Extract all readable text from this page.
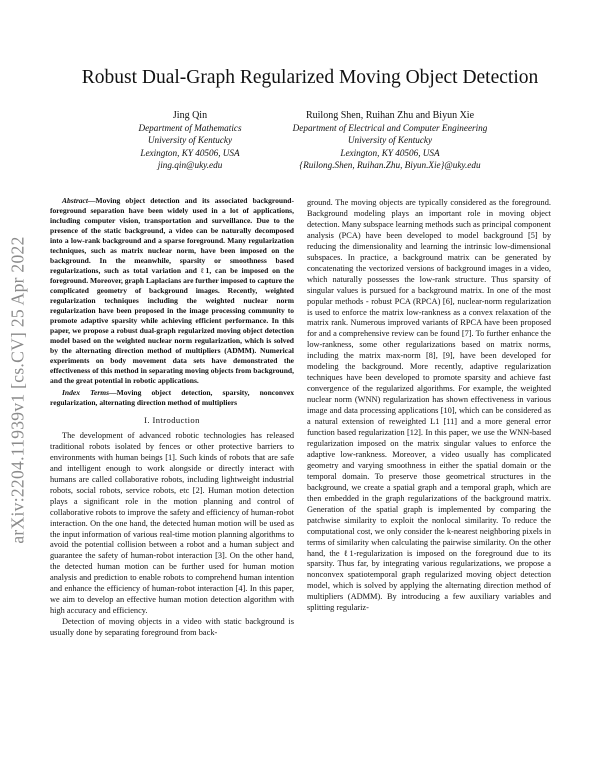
arXiv:2204.11939v1 [cs.CV] 25 Apr 2022
Robust Dual-Graph Regularized Moving Object Detection
Jing Qin
Department of Mathematics
University of Kentucky
Lexington, KY 40506, USA
jing.qin@uky.edu
Ruilong Shen, Ruihan Zhu and Biyun Xie
Department of Electrical and Computer Engineering
University of Kentucky
Lexington, KY 40506, USA
{Ruilong.Shen, Ruihan.Zhu, Biyun.Xie}@uky.edu

Abstract—Moving object detection and its associated background-foreground separation have been widely used in a lot of applications, including computer vision, transportation and surveillance. Due to the presence of the static background, a video can be naturally decomposed into a low-rank background and a sparse foreground. Many regularization techniques, such as matrix nuclear norm, have been imposed on the background. In the meanwhile, sparsity or smoothness based regularizations, such as total variation and ℓ1, can be imposed on the foreground. Moreover, graph Laplacians are further imposed to capture the complicated geometry of background images. Recently, weighted regularization techniques including the weighted nuclear norm regularization have been proposed in the image processing community to promote adaptive sparsity while achieving efficient performance. In this paper, we propose a robust dual-graph regularized moving object detection model based on the weighted nuclear norm regularization, which is solved by the alternating direction method of multipliers (ADMM). Numerical experiments on body movement data sets have demonstrated the effectiveness of this method in separating moving objects from background, and the great potential in robotic applications.

Index Terms—Moving object detection, sparsity, nonconvex regularization, alternating direction method of multipliers

I. Introduction

The development of advanced robotic technologies has released traditional robots isolated by fences or other protective barriers to environments with human beings [1]. Such kinds of robots that are safe and intelligent enough to work alongside or directly interact with humans are called collaborative robots, including lightweight industrial robots, social robots, service robots, etc [2]. Human motion detection plays a significant role in the motion planning and control of collaborative robots to improve the safety and efficiency of human-robot interaction. On the one hand, the detected human motion will be used as the input information of various real-time motion planning algorithms to avoid the potential collision between a robot and a human subject and guarantee the safety of human-robot interaction [3]. On the other hand, the detected human motion can be further used for human motion analysis and prediction to enable robots to comprehend human intention and enhance the efficiency of human-robot interaction [4]. In this paper, we aim to develop an effective human motion detection algorithm with high accuracy and efficiency.

Detection of moving objects in a video with static background is usually done by separating foreground from back-

ground. The moving objects are typically considered as the foreground. Background modeling plays an important role in moving object detection. Many subspace learning methods such as principal component analysis (PCA) have been developed to model background [5] by reducing the dimensionality and learning the intrinsic low-dimensional subspaces. In practice, a background matrix can be generated by concatenating the vectorized versions of background images in a video, which naturally possesses the low-rank structure. Thus sparsity of singular values is pursued for a background matrix. In one of the most popular methods - robust PCA (RPCA) [6], nuclear-norm regularization is used to enforce the matrix low-rankness as a convex relaxation of the matrix rank. Numerous improved variants of RPCA have been proposed for and a comprehensive review can be found [7]. To further enhance the low-rankness, some other regularizations based on matrix norms, including the matrix max-norm [8], [9], have been developed for modeling the background. More recently, adaptive regularization techniques have been developed to promote sparsity and achieve fast convergence of the regularized algorithms. For example, the weighted nuclear norm (WNN) regularization has shown effectiveness in various image and data processing applications [10], which can be considered as a natural extension of reweighted L1 [11] and a more general error function based regularization [12]. In this paper, we use the WNN-based regularization imposed on the matrix singular values to enforce the adaptive low-rankness. Moreover, a video usually has complicated geometry and varying smoothness in either the spatial domain or the temporal domain. To preserve those geometrical structures in the background, we create a spatial graph and a temporal graph, which are then embedded in the graph regularizations of the background matrix. Generation of the spatial graph is implemented by comparing the patchwise similarity to exploit the nonlocal similarity. To reduce the computational cost, we only consider the k-nearest neighboring pixels in terms of similarity when calculating the pairwise similarity. On the other hand, the ℓ1-regularization is imposed on the foreground due to its sparsity. Thus far, by integrating various regularizations, we propose a nonconvex spatiotemporal graph regularized moving object detection model, which is solved by applying the alternating direction method of multipliers (ADMM). By introducing a few auxiliary variables and splitting regulariz-
